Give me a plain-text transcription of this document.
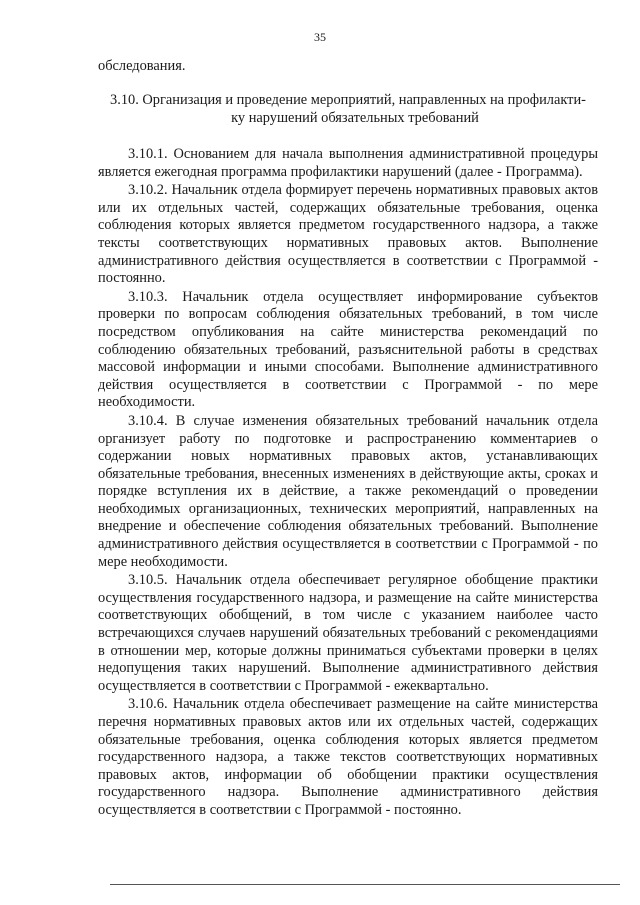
35
обследования.
3.10. Организация и проведение мероприятий, направленных на профилакти-
ку нарушений обязательных требований

3.10.1. Основанием для начала выполнения административной процедуры является ежегодная программа профилактики нарушений (далее - Программа).

3.10.2. Начальник отдела формирует перечень нормативных правовых актов или их отдельных частей, содержащих обязательные требования, оценка соблюдения которых является предметом государственного надзора, а также тексты соответствующих нормативных правовых актов. Выполнение административного действия осуществляется в соответствии с Программой - постоянно.

3.10.3. Начальник отдела осуществляет информирование субъектов проверки по вопросам соблюдения обязательных требований, в том числе посредством опубликования на сайте министерства рекомендаций по соблюдению обязательных требований, разъяснительной работы в средствах массовой информации и иными способами. Выполнение административного действия осуществляется в соответствии с Программой - по мере необходимости.

3.10.4. В случае изменения обязательных требований начальник отдела организует работу по подготовке и распространению комментариев о содержании новых нормативных правовых актов, устанавливающих обязательные требования, внесенных изменениях в действующие акты, сроках и порядке вступления их в действие, а также рекомендаций о проведении необходимых организационных, технических мероприятий, направленных на внедрение и обеспечение соблюдения обязательных требований. Выполнение административного действия осуществляется в соответствии с Программой - по мере необходимости.

3.10.5. Начальник отдела обеспечивает регулярное обобщение практики осуществления государственного надзора, и размещение на сайте министерства соответствующих обобщений, в том числе с указанием наиболее часто встречающихся случаев нарушений обязательных требований с рекомендациями в отношении мер, которые должны приниматься субъектами проверки в целях недопущения таких нарушений. Выполнение административного действия осуществляется в соответствии с Программой - ежеквартально.

3.10.6. Начальник отдела обеспечивает размещение на сайте министерства перечня нормативных правовых актов или их отдельных частей, содержащих обязательные требования, оценка соблюдения которых является предметом государственного надзора, а также текстов соответствующих нормативных правовых актов, информации об обобщении практики осуществления государственного надзора. Выполнение административного действия осуществляется в соответствии с Программой - постоянно.
